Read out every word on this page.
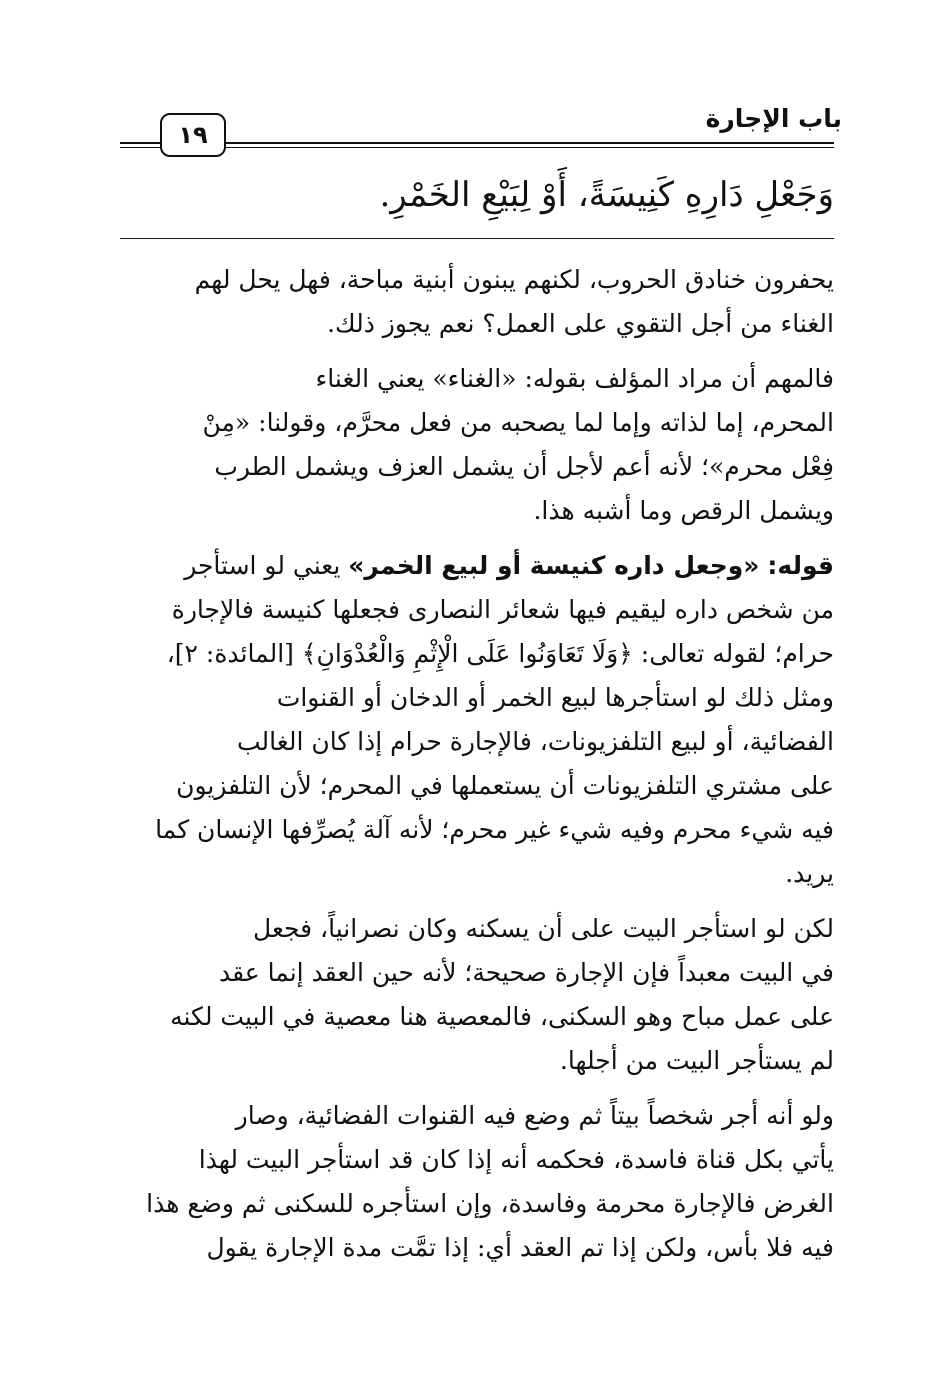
باب الإجارة
١٩
وَجَعْلِ دَارِهِ كَنِيسَةً، أَوْ لِبَيْعِ الخَمْرِ.

يحفرون خنادق الحروب، لكنهم يبنون أبنية مباحة، فهل يحل لهم
الغناء من أجل التقوي على العمل؟ نعم يجوز ذلك.

فالمهم أن مراد المؤلف بقوله: «الغناء» يعني الغناء
المحرم، إما لذاته وإما لما يصحبه من فعل محرَّم، وقولنا: «مِنْ
فِعْل محرم»؛ لأنه أعم لأجل أن يشمل العزف ويشمل الطرب
ويشمل الرقص وما أشبه هذا.

قوله: «وجعل داره كنيسة أو لبيع الخمر» يعني لو استأجر
من شخص داره ليقيم فيها شعائر النصارى فجعلها كنيسة فالإجارة
حرام؛ لقوله تعالى: ﴿وَلَا تَعَاوَنُوا عَلَى الْإِثْمِ وَالْعُدْوَانِ﴾ [المائدة: ٢]،
ومثل ذلك لو استأجرها لبيع الخمر أو الدخان أو القنوات
الفضائية، أو لبيع التلفزيونات، فالإجارة حرام إذا كان الغالب
على مشتري التلفزيونات أن يستعملها في المحرم؛ لأن التلفزيون
فيه شيء محرم وفيه شيء غير محرم؛ لأنه آلة يُصرِّفها الإنسان كما
يريد.

لكن لو استأجر البيت على أن يسكنه وكان نصرانياً، فجعل
في البيت معبداً فإن الإجارة صحيحة؛ لأنه حين العقد إنما عقد
على عمل مباح وهو السكنى، فالمعصية هنا معصية في البيت لكنه
لم يستأجر البيت من أجلها.

ولو أنه أجر شخصاً بيتاً ثم وضع فيه القنوات الفضائية، وصار
يأتي بكل قناة فاسدة، فحكمه أنه إذا كان قد استأجر البيت لهذا
الغرض فالإجارة محرمة وفاسدة، وإن استأجره للسكنى ثم وضع هذا
فيه فلا بأس، ولكن إذا تم العقد أي: إذا تمَّت مدة الإجارة يقول
